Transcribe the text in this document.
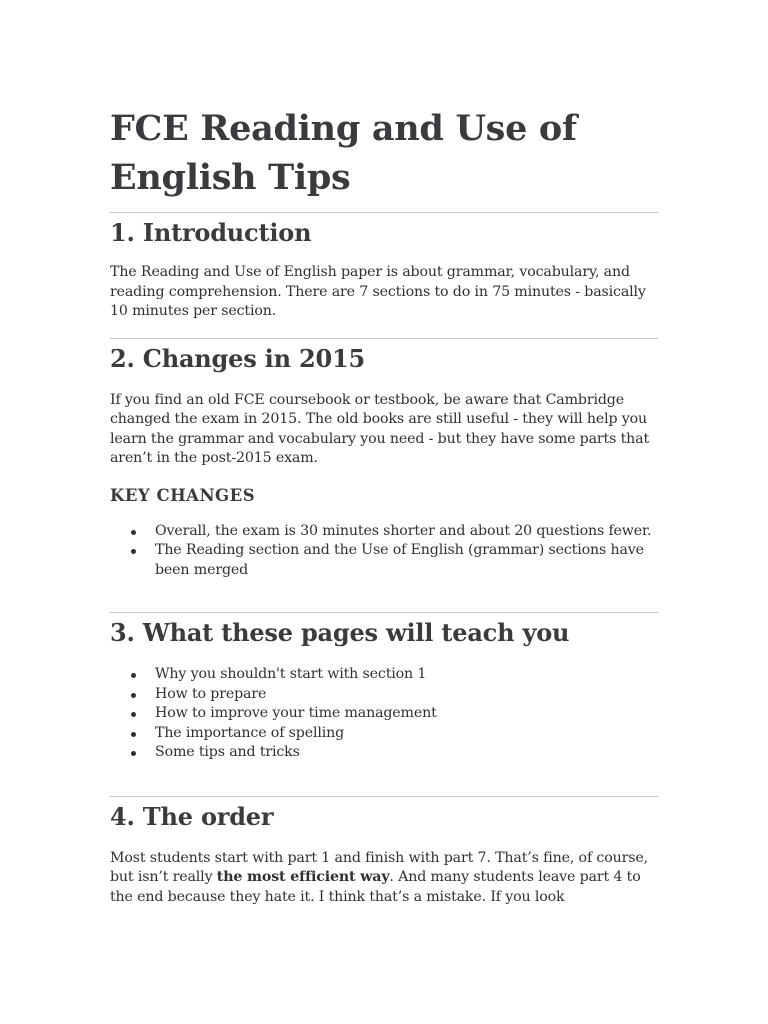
FCE Reading and Use of English Tips
1. Introduction

The Reading and Use of English paper is about grammar, vocabulary, and reading comprehension. There are 7 sections to do in 75 minutes - basically 10 minutes per section.

2. Changes in 2015

If you find an old FCE coursebook or testbook, be aware that Cambridge changed the exam in 2015. The old books are still useful - they will help you learn the grammar and vocabulary you need - but they have some parts that aren’t in the post-2015 exam.

KEY CHANGES
Overall, the exam is 30 minutes shorter and about 20 questions fewer.
The Reading section and the Use of English (grammar) sections have been merged
3. What these pages will teach you
Why you shouldn't start with section 1
How to prepare
How to improve your time management
The importance of spelling
Some tips and tricks
4. The order

Most students start with part 1 and finish with part 7. That’s fine, of course, but isn’t really the most efficient way. And many students leave part 4 to the end because they hate it. I think that’s a mistake. If you look
